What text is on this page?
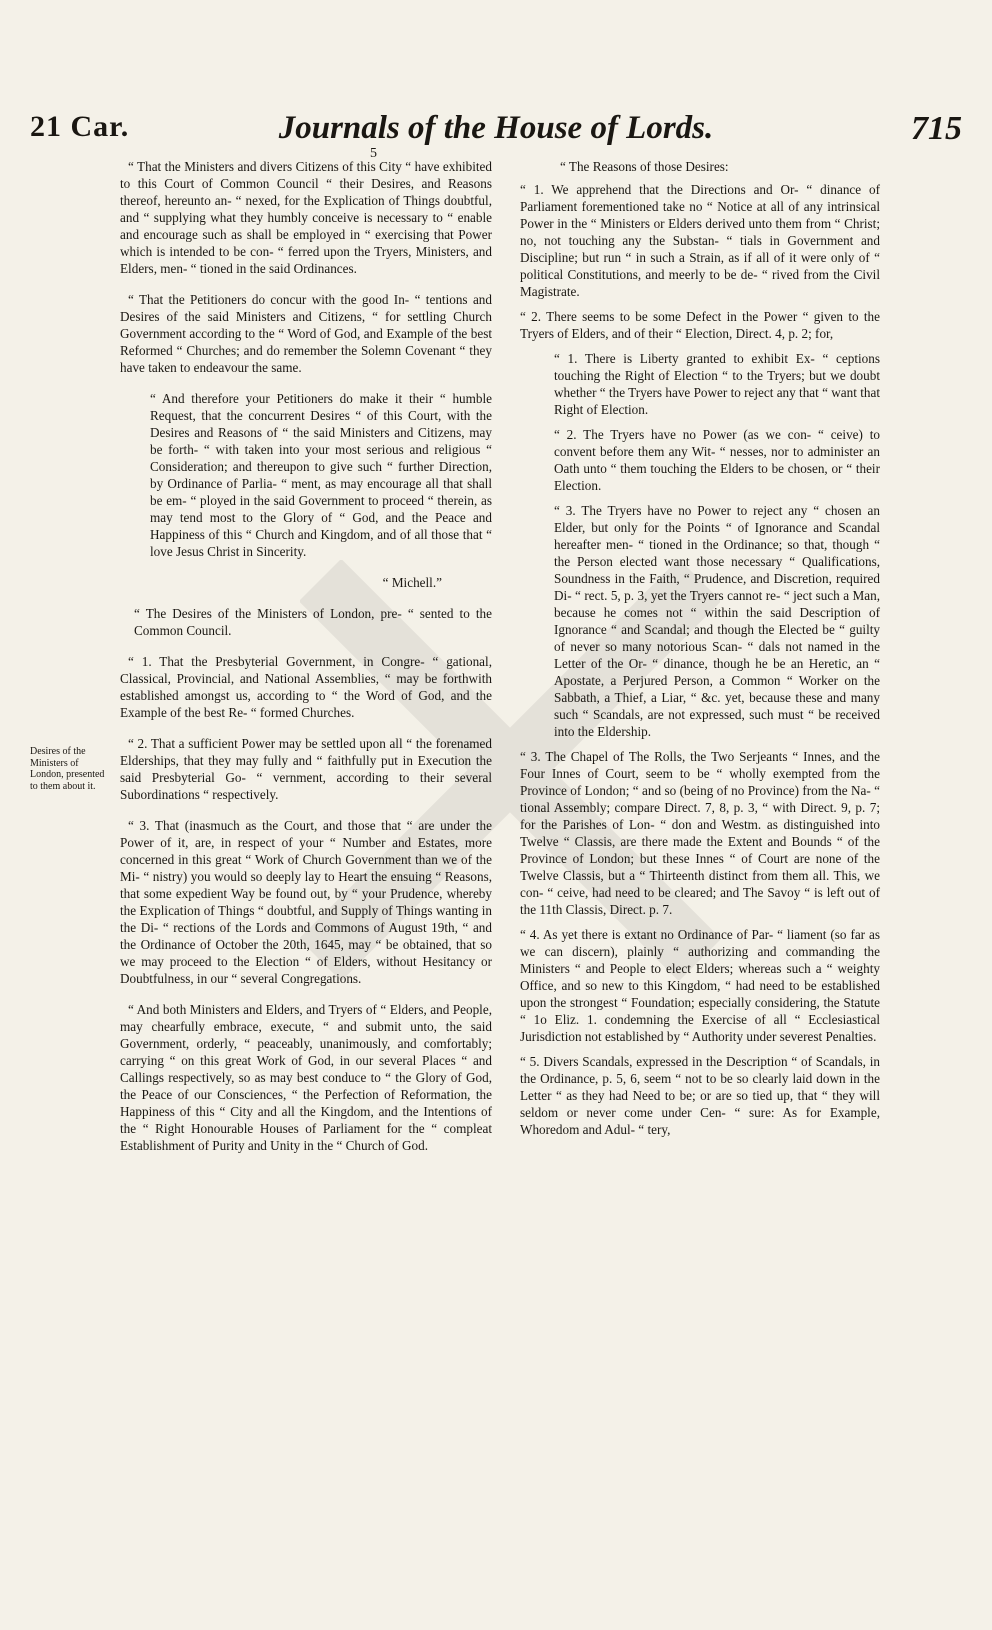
5
21 Car.	Journals of the House of Lords.	715
Desires of the Ministers of London, presented to them about it.

“ That the Ministers and divers Citizens of this City “ have exhibited to this Court of Common Council “ their Desires, and Reasons thereof, hereunto an- “ nexed, for the Explication of Things doubtful, and “ supplying what they humbly conceive is necessary to “ enable and encourage such as shall be employed in “ exercising that Power which is intended to be con- “ ferred upon the Tryers, Ministers, and Elders, men- “ tioned in the said Ordinances.

“ That the Petitioners do concur with the good In- “ tentions and Desires of the said Ministers and Citizens, “ for settling Church Government according to the “ Word of God, and Example of the best Reformed “ Churches; and do remember the Solemn Covenant “ they have taken to endeavour the same.

“ And therefore your Petitioners do make it their “ humble Request, that the concurrent Desires “ of this Court, with the Desires and Reasons of “ the said Ministers and Citizens, may be forth- “ with taken into your most serious and religious “ Consideration; and thereupon to give such “ further Direction, by Ordinance of Parlia- “ ment, as may encourage all that shall be em- “ ployed in the said Government to proceed “ therein, as may tend most to the Glory of “ God, and the Peace and Happiness of this “ Church and Kingdom, and of all those that “ love Jesus Christ in Sincerity.

“ Michell.”

“ The Desires of the Ministers of London, pre- “ sented to the Common Council.

“ 1. That the Presbyterial Government, in Congre- “ gational, Classical, Provincial, and National Assemblies, “ may be forthwith established amongst us, according to “ the Word of God, and the Example of the best Re- “ formed Churches.

“ 2. That a sufficient Power may be settled upon all “ the forenamed Elderships, that they may fully and “ faithfully put in Execution the said Presbyterial Go- “ vernment, according to their several Subordinations “ respectively.

“ 3. That (inasmuch as the Court, and those that “ are under the Power of it, are, in respect of your “ Number and Estates, more concerned in this great “ Work of Church Government than we of the Mi- “ nistry) you would so deeply lay to Heart the ensuing “ Reasons, that some expedient Way be found out, by “ your Prudence, whereby the Explication of Things “ doubtful, and Supply of Things wanting in the Di- “ rections of the Lords and Commons of August 19th, “ and the Ordinance of October the 20th, 1645, may “ be obtained, that so we may proceed to the Election “ of Elders, without Hesitancy or Doubtfulness, in our “ several Congregations.

“ And both Ministers and Elders, and Tryers of “ Elders, and People, may chearfully embrace, execute, “ and submit unto, the said Government, orderly, “ peaceably, unanimously, and comfortably; carrying “ on this great Work of God, in our several Places “ and Callings respectively, so as may best conduce to “ the Glory of God, the Peace of our Consciences, “ the Perfection of Reformation, the Happiness of this “ City and all the Kingdom, and the Intentions of the “ Right Honourable Houses of Parliament for the “ compleat Establishment of Purity and Unity in the “ Church of God.

“ The Reasons of those Desires:

“ 1. We apprehend that the Directions and Or- “ dinance of Parliament forementioned take no “ Notice at all of any intrinsical Power in the “ Ministers or Elders derived unto them from “ Christ; no, not touching any the Substan- “ tials in Government and Discipline; but run “ in such a Strain, as if all of it were only of “ political Constitutions, and meerly to be de- “ rived from the Civil Magistrate.

“ 2. There seems to be some Defect in the Power “ given to the Tryers of Elders, and of their “ Election, Direct. 4, p. 2; for,

“ 1. There is Liberty granted to exhibit Ex- “ ceptions touching the Right of Election “ to the Tryers; but we doubt whether “ the Tryers have Power to reject any that “ want that Right of Election.

“ 2. The Tryers have no Power (as we con- “ ceive) to convent before them any Wit- “ nesses, nor to administer an Oath unto “ them touching the Elders to be chosen, or “ their Election.

“ 3. The Tryers have no Power to reject any “ chosen an Elder, but only for the Points “ of Ignorance and Scandal hereafter men- “ tioned in the Ordinance; so that, though “ the Person elected want those necessary “ Qualifications, Soundness in the Faith, “ Prudence, and Discretion, required Di- “ rect. 5, p. 3, yet the Tryers cannot re- “ ject such a Man, because he comes not “ within the said Description of Ignorance “ and Scandal; and though the Elected be “ guilty of never so many notorious Scan- “ dals not named in the Letter of the Or- “ dinance, though he be an Heretic, an “ Apostate, a Perjured Person, a Common “ Worker on the Sabbath, a Thief, a Liar, “ &c. yet, because these and many such “ Scandals, are not expressed, such must “ be received into the Eldership.

“ 3. The Chapel of The Rolls, the Two Serjeants “ Innes, and the Four Innes of Court, seem to be “ wholly exempted from the Province of London; “ and so (being of no Province) from the Na- “ tional Assembly; compare Direct. 7, 8, p. 3, “ with Direct. 9, p. 7; for the Parishes of Lon- “ don and Westm. as distinguished into Twelve “ Classis, are there made the Extent and Bounds “ of the Province of London; but these Innes “ of Court are none of the Twelve Classis, but a “ Thirteenth distinct from them all. This, we con- “ ceive, had need to be cleared; and The Savoy “ is left out of the 11th Classis, Direct. p. 7.

“ 4. As yet there is extant no Ordinance of Par- “ liament (so far as we can discern), plainly “ authorizing and commanding the Ministers “ and People to elect Elders; whereas such a “ weighty Office, and so new to this Kingdom, “ had need to be established upon the strongest “ Foundation; especially considering, the Statute “ 1o Eliz. 1. condemning the Exercise of all “ Ecclesiastical Jurisdiction not established by “ Authority under severest Penalties.

“ 5. Divers Scandals, expressed in the Description “ of Scandals, in the Ordinance, p. 5, 6, seem “ not to be so clearly laid down in the Letter “ as they had Need to be; or are so tied up, that “ they will seldom or never come under Cen- “ sure: As for Example, Whoredom and Adul- “ tery,
